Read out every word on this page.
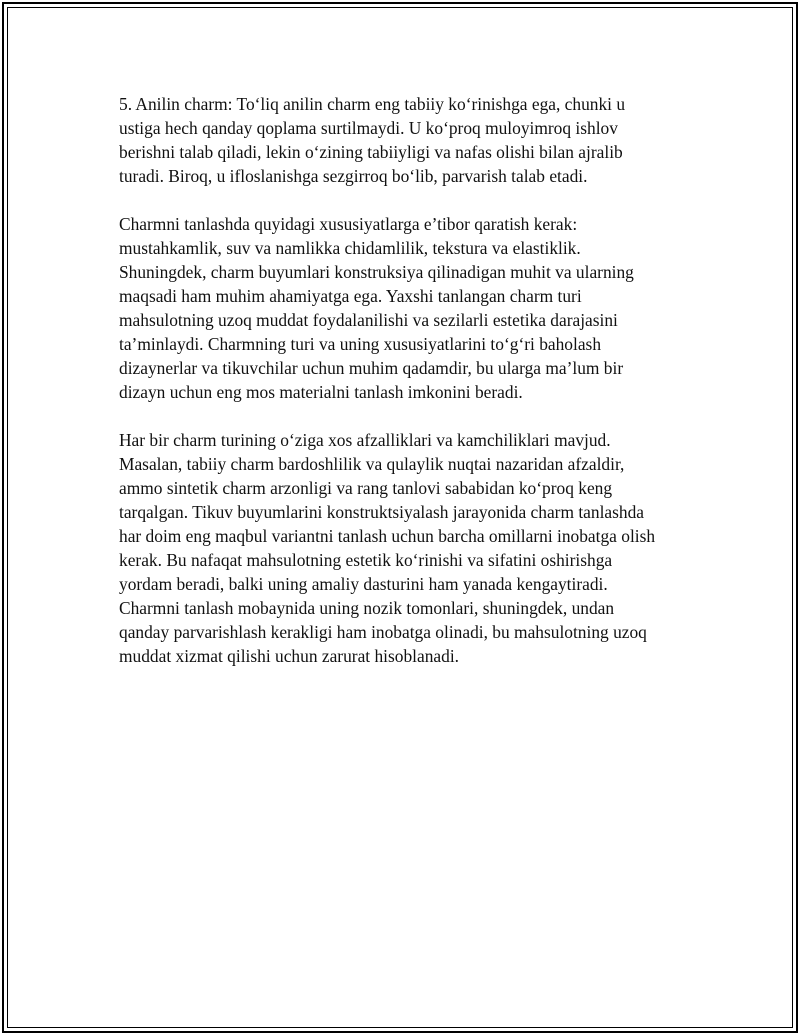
5. Anilin charm: To‘liq anilin charm eng tabiiy ko‘rinishga ega, chunki u
ustiga hech qanday qoplama surtilmaydi. U ko‘proq muloyimroq ishlov
berishni talab qiladi, lekin o‘zining tabiiyligi va nafas olishi bilan ajralib
turadi. Biroq, u ifloslanishga sezgirroq bo‘lib, parvarish talab etadi.

Charmni tanlashda quyidagi xususiyatlarga e’tibor qaratish kerak:
mustahkamlik, suv va namlikka chidamlilik, tekstura va elastiklik.
Shuningdek, charm buyumlari konstruksiya qilinadigan muhit va ularning
maqsadi ham muhim ahamiyatga ega. Yaxshi tanlangan charm turi
mahsulotning uzoq muddat foydalanilishi va sezilarli estetika darajasini
ta’minlaydi. Charmning turi va uning xususiyatlarini to‘g‘ri baholash
dizaynerlar va tikuvchilar uchun muhim qadamdir, bu ularga ma’lum bir
dizayn uchun eng mos materialni tanlash imkonini beradi.

Har bir charm turining o‘ziga xos afzalliklari va kamchiliklari mavjud.
Masalan, tabiiy charm bardoshlilik va qulaylik nuqtai nazaridan afzaldir,
ammo sintetik charm arzonligi va rang tanlovi sababidan ko‘proq keng
tarqalgan. Tikuv buyumlarini konstruktsiyalash jarayonida charm tanlashda
har doim eng maqbul variantni tanlash uchun barcha omillarni inobatga olish
kerak. Bu nafaqat mahsulotning estetik ko‘rinishi va sifatini oshirishga
yordam beradi, balki uning amaliy dasturini ham yanada kengaytiradi.
Charmni tanlash mobaynida uning nozik tomonlari, shuningdek, undan
qanday parvarishlash kerakligi ham inobatga olinadi, bu mahsulotning uzoq
muddat xizmat qilishi uchun zarurat hisoblanadi.
